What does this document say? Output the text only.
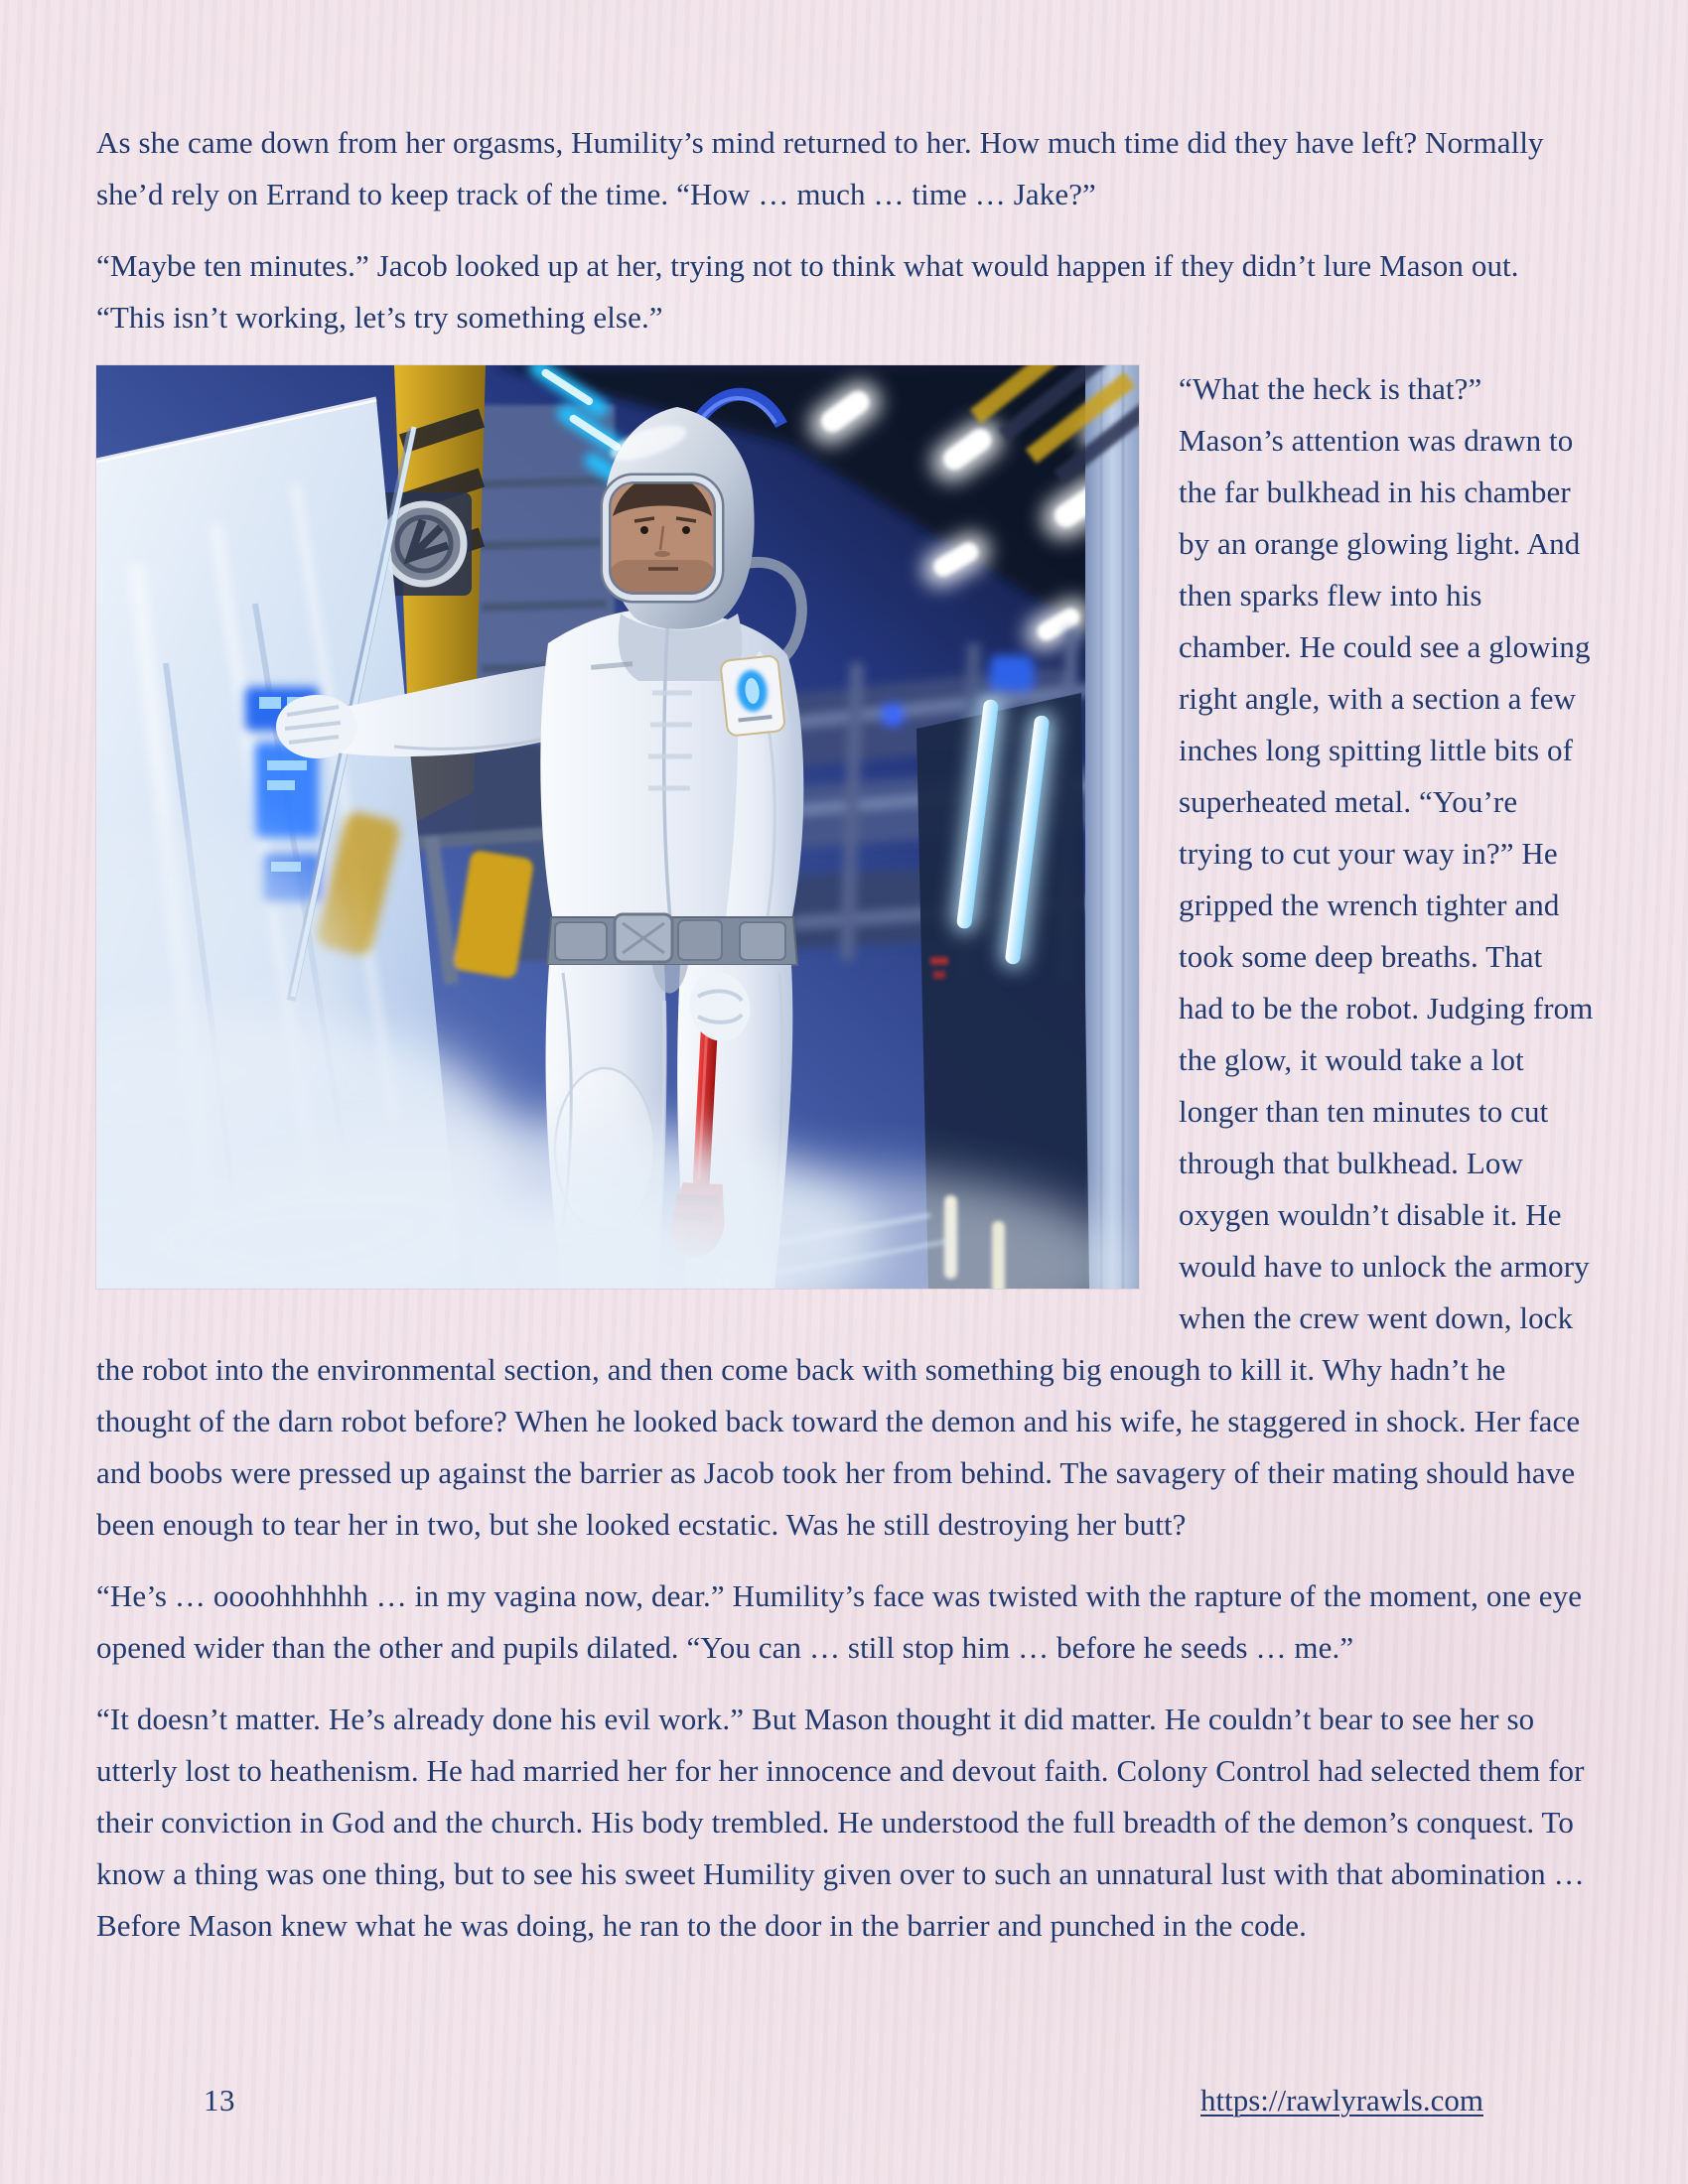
As she came down from her orgasms, Humility’s mind returned to her. How much time did they have left? Normally she’d rely on Errand to keep track of the time. “How … much … time … Jake?”

“Maybe ten minutes.” Jacob looked up at her, trying not to think what would happen if they didn’t lure Mason out. “This isn’t working, let’s try something else.”

“What the heck is that?” Mason’s attention was drawn to the far bulkhead in his chamber by an orange glowing light. And then sparks flew into his chamber. He could see a glowing right angle, with a section a few inches long spitting little bits of superheated metal. “You’re trying to cut your way in?” He gripped the wrench tighter and took some deep breaths. That had to be the robot. Judging from the glow, it would take a lot longer than ten minutes to cut through that bulkhead. Low oxygen wouldn’t disable it. He would have to unlock the armory when the crew went down, lock the robot into the environmental section, and then come back with something big enough to kill it. Why hadn’t he thought of the darn robot before? When he looked back toward the demon and his wife, he staggered in shock. Her face and boobs were pressed up against the barrier as Jacob took her from behind. The savagery of their mating should have been enough to tear her in two, but she looked ecstatic. Was he still destroying her butt?

“He’s … oooohhhhhh … in my vagina now, dear.” Humility’s face was twisted with the rapture of the moment, one eye opened wider than the other and pupils dilated. “You can … still stop him … before he seeds … me.”

“It doesn’t matter. He’s already done his evil work.” But Mason thought it did matter. He couldn’t bear to see her so utterly lost to heathenism. He had married her for her innocence and devout faith. Colony Control had selected them for their conviction in God and the church. His body trembled. He understood the full breadth of the demon’s conquest. To know a thing was one thing, but to see his sweet Humility given over to such an unnatural lust with that abomination … Before Mason knew what he was doing, he ran to the door in the barrier and punched in the code.

13	https://rawlyrawls.com
